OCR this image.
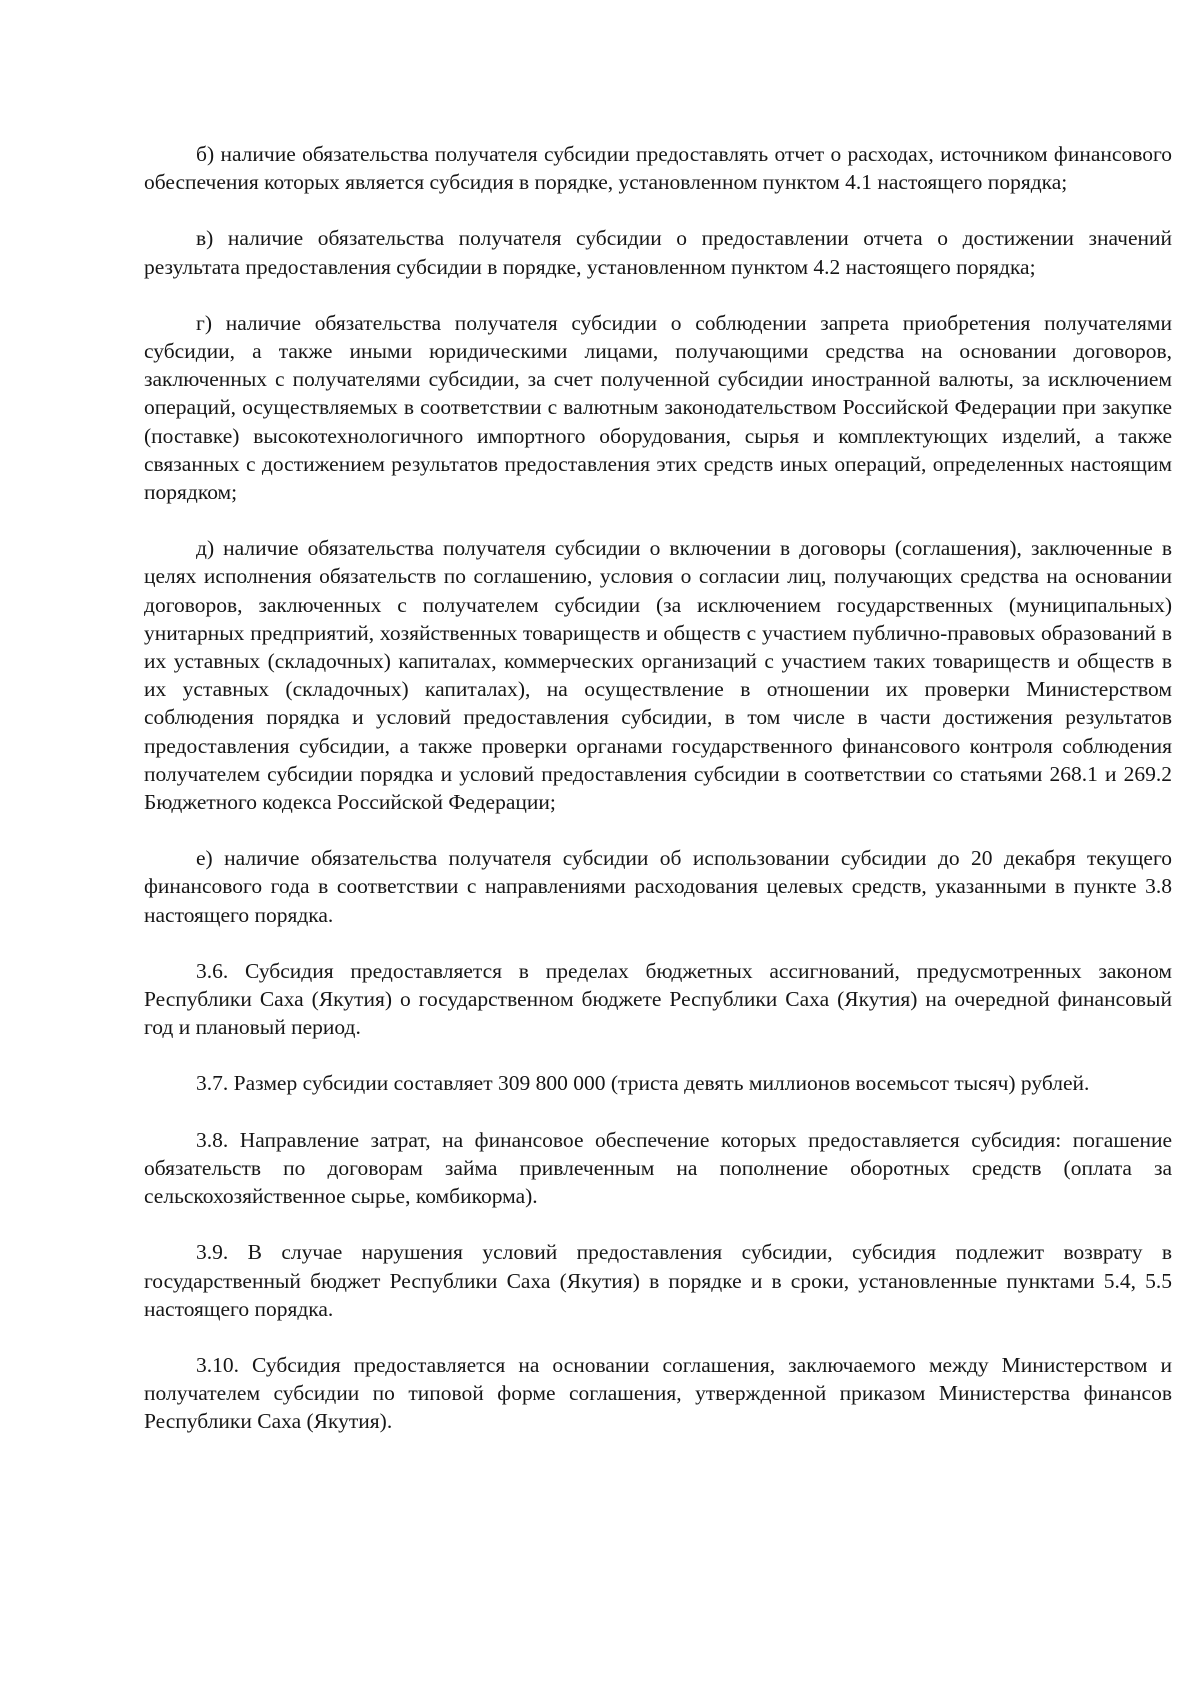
б) наличие обязательства получателя субсидии предоставлять отчет о расходах, источником финансового обеспечения которых является субсидия в порядке, установленном пунктом 4.1 настоящего порядка;

в) наличие обязательства получателя субсидии о предоставлении отчета о достижении значений результата предоставления субсидии в порядке, установленном пунктом 4.2 настоящего порядка;

г) наличие обязательства получателя субсидии о соблюдении запрета приобретения получателями субсидии, а также иными юридическими лицами, получающими средства на основании договоров, заключенных с получателями субсидии, за счет полученной субсидии иностранной валюты, за исключением операций, осуществляемых в соответствии с валютным законодательством Российской Федерации при закупке (поставке) высокотехнологичного импортного оборудования, сырья и комплектующих изделий, а также связанных с достижением результатов предоставления этих средств иных операций, определенных настоящим порядком;

д) наличие обязательства получателя субсидии о включении в договоры (соглашения), заключенные в целях исполнения обязательств по соглашению, условия о согласии лиц, получающих средства на основании договоров, заключенных с получателем субсидии (за исключением государственных (муниципальных) унитарных предприятий, хозяйственных товариществ и обществ с участием публично-правовых образований в их уставных (складочных) капиталах, коммерческих организаций с участием таких товариществ и обществ в их уставных (складочных) капиталах), на осуществление в отношении их проверки Министерством соблюдения порядка и условий предоставления субсидии, в том числе в части достижения результатов предоставления субсидии, а также проверки органами государственного финансового контроля соблюдения получателем субсидии порядка и условий предоставления субсидии в соответствии со статьями 268.1 и 269.2 Бюджетного кодекса Российской Федерации;

е) наличие обязательства получателя субсидии об использовании субсидии до 20 декабря текущего финансового года в соответствии с направлениями расходования целевых средств, указанными в пункте 3.8 настоящего порядка.

3.6. Субсидия предоставляется в пределах бюджетных ассигнований, предусмотренных законом Республики Саха (Якутия) о государственном бюджете Республики Саха (Якутия) на очередной финансовый год и плановый период.

3.7. Размер субсидии составляет 309 800 000 (триста девять миллионов восемьсот тысяч) рублей.

3.8. Направление затрат, на финансовое обеспечение которых предоставляется субсидия: погашение обязательств по договорам займа привлеченным на пополнение оборотных средств (оплата за сельскохозяйственное сырье, комбикорма).

3.9. В случае нарушения условий предоставления субсидии, субсидия подлежит возврату в государственный бюджет Республики Саха (Якутия) в порядке и в сроки, установленные пунктами 5.4, 5.5 настоящего порядка.

3.10. Субсидия предоставляется на основании соглашения, заключаемого между Министерством и получателем субсидии по типовой форме соглашения, утвержденной приказом Министерства финансов Республики Саха (Якутия).
